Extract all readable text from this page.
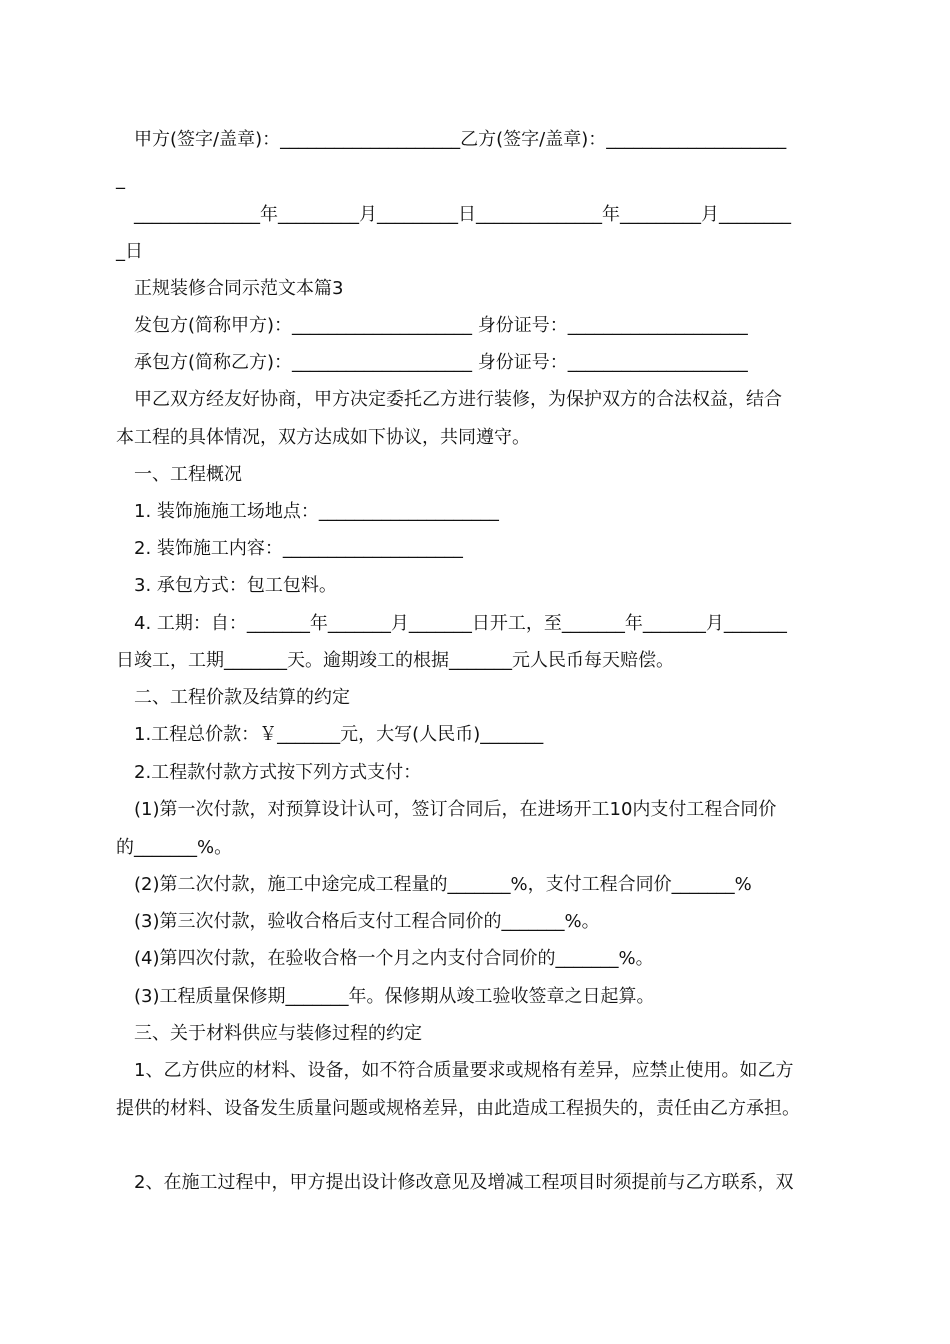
甲方(签字/盖章)：____________________乙方(签字/盖章)：____________________
_
______________年_________月_________日______________年_________月________
_日
正规装修合同示范文本篇3
发包方(简称甲方)：____________________ 身份证号：____________________
承包方(简称乙方)：____________________ 身份证号：____________________
甲乙双方经友好协商，甲方决定委托乙方进行装修，为保护双方的合法权益，结合
本工程的具体情况，双方达成如下协议，共同遵守。
一、工程概况
1. 装饰施施工场地点：____________________
2. 装饰施工内容：____________________
3. 承包方式：包工包料。
4. 工期：自：_______年_______月_______日开工，至_______年_______月_______
日竣工，工期_______天。逾期竣工的根据_______元人民币每天赔偿。
二、工程价款及结算的约定
1.工程总价款：￥_______元，大写(人民币)_______
2.工程款付款方式按下列方式支付：
(1)第一次付款，对预算设计认可，签订合同后，在进场开工10内支付工程合同价
的_______%。
(2)第二次付款，施工中途完成工程量的_______%，支付工程合同价_______%
(3)第三次付款，验收合格后支付工程合同价的_______%。
(4)第四次付款，在验收合格一个月之内支付合同价的_______%。
(3)工程质量保修期_______年。保修期从竣工验收签章之日起算。
三、关于材料供应与装修过程的约定
1、乙方供应的材料、设备，如不符合质量要求或规格有差异，应禁止使用。如乙方
提供的材料、设备发生质量问题或规格差异，由此造成工程损失的，责任由乙方承担。
2、在施工过程中，甲方提出设计修改意见及增减工程项目时须提前与乙方联系，双
